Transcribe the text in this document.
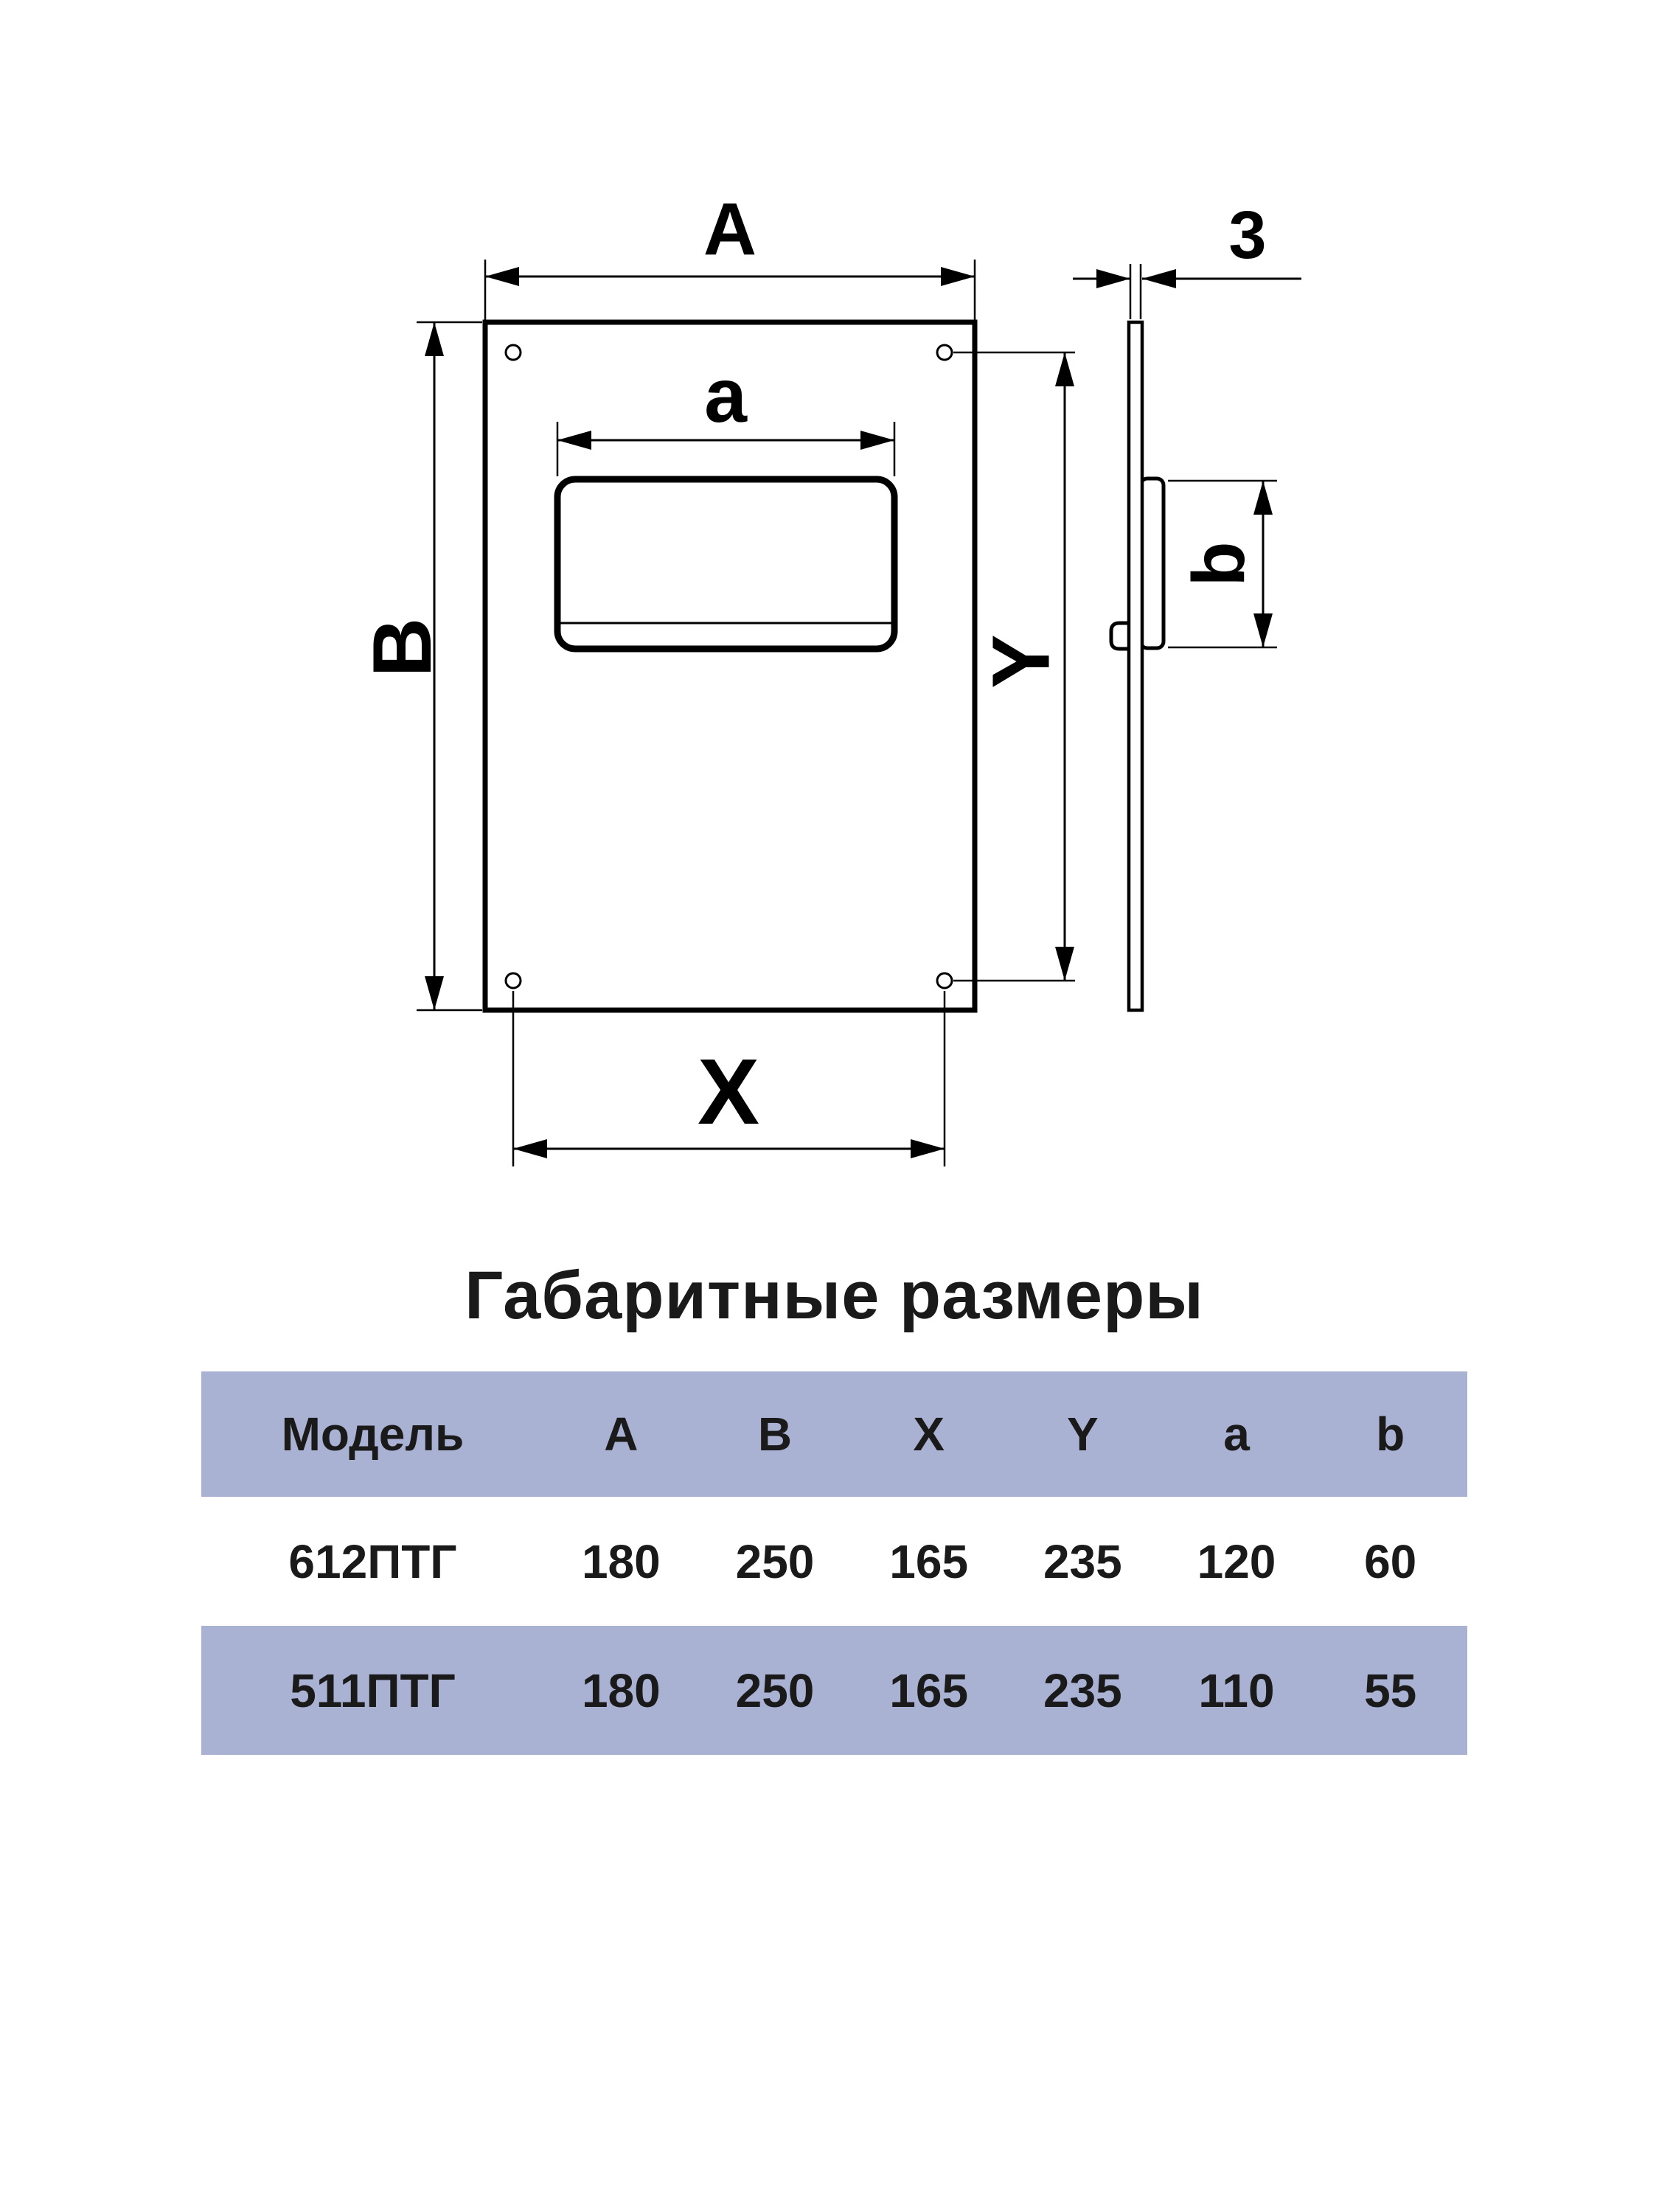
3
b
A
B
a
X
Y
Габаритные размеры
Модель	A	B	X	Y	a	b
612ПТГ	180	250	165	235	120	60
511ПТГ	180	250	165	235	110	55
